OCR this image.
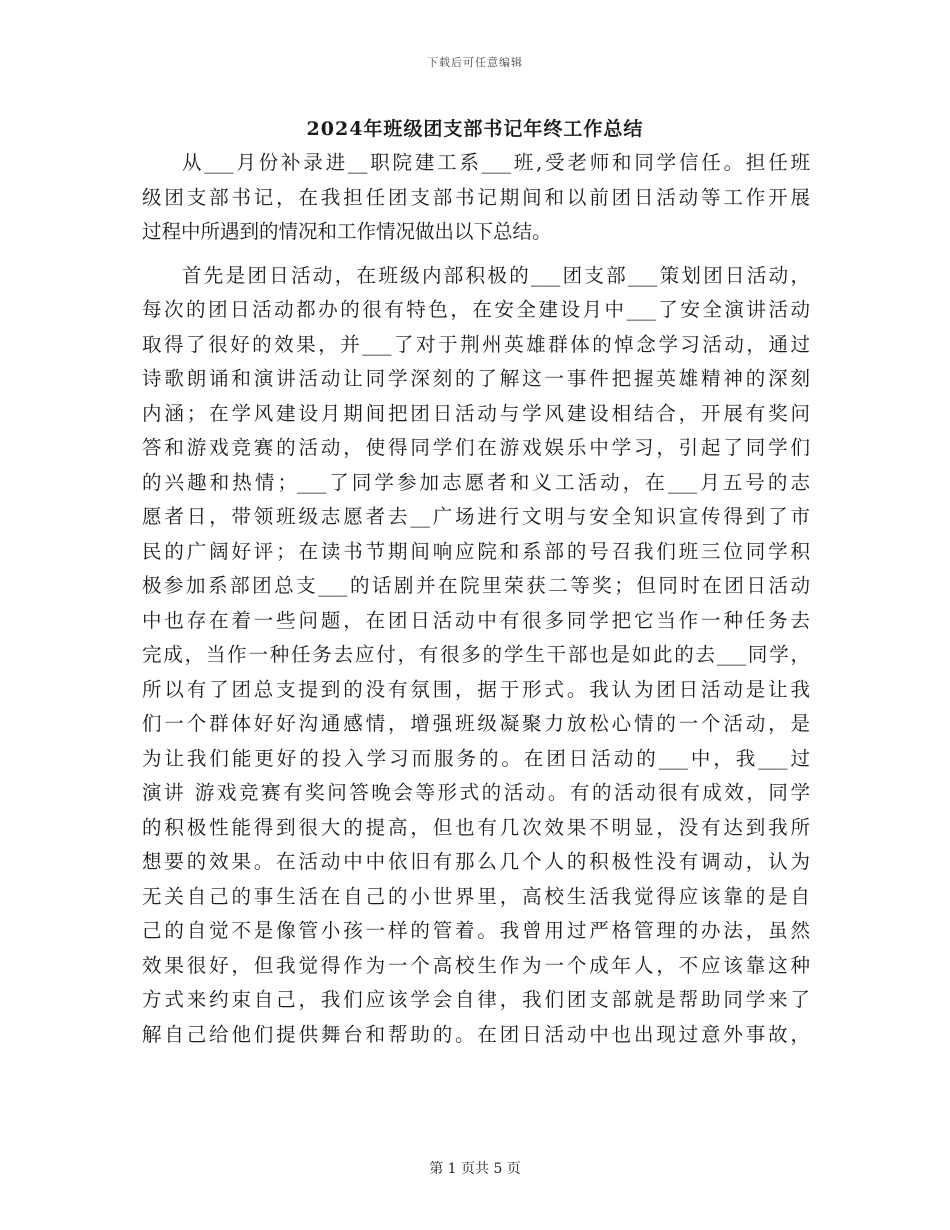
下载后可任意编辑
2024年班级团支部书记年终工作总结
从___月份补录进__职院建工系___班,受老师和同学信任。担任班
级团支部书记，在我担任团支部书记期间和以前团日活动等工作开展
过程中所遇到的情况和工作情况做出以下总结。
首先是团日活动，在班级内部积极的___团支部___策划团日活动，
每次的团日活动都办的很有特色，在安全建设月中___了安全演讲活动
取得了很好的效果，并___了对于荆州英雄群体的悼念学习活动，通过
诗歌朗诵和演讲活动让同学深刻的了解这一事件把握英雄精神的深刻
内涵；在学风建设月期间把团日活动与学风建设相结合，开展有奖问
答和游戏竞赛的活动，使得同学们在游戏娱乐中学习，引起了同学们
的兴趣和热情；___了同学参加志愿者和义工活动，在___月五号的志
愿者日，带领班级志愿者去__广场进行文明与安全知识宣传得到了市
民的广阔好评；在读书节期间响应院和系部的号召我们班三位同学积
极参加系部团总支___的话剧并在院里荣获二等奖；但同时在团日活动
中也存在着一些问题，在团日活动中有很多同学把它当作一种任务去
完成，当作一种任务去应付，有很多的学生干部也是如此的去___同学，
所以有了团总支提到的没有氛围，据于形式。我认为团日活动是让我
们一个群体好好沟通感情，增强班级凝聚力放松心情的一个活动，是
为让我们能更好的投入学习而服务的。在团日活动的___中，我___过
演讲 游戏竞赛有奖问答晚会等形式的活动。有的活动很有成效，同学
的积极性能得到很大的提高，但也有几次效果不明显，没有达到我所
想要的效果。在活动中中依旧有那么几个人的积极性没有调动，认为
无关自己的事生活在自己的小世界里，高校生活我觉得应该靠的是自
己的自觉不是像管小孩一样的管着。我曾用过严格管理的办法，虽然
效果很好，但我觉得作为一个高校生作为一个成年人，不应该靠这种
方式来约束自己，我们应该学会自律，我们团支部就是帮助同学来了
解自己给他们提供舞台和帮助的。在团日活动中也出现过意外事故，
第 1 页共 5 页
